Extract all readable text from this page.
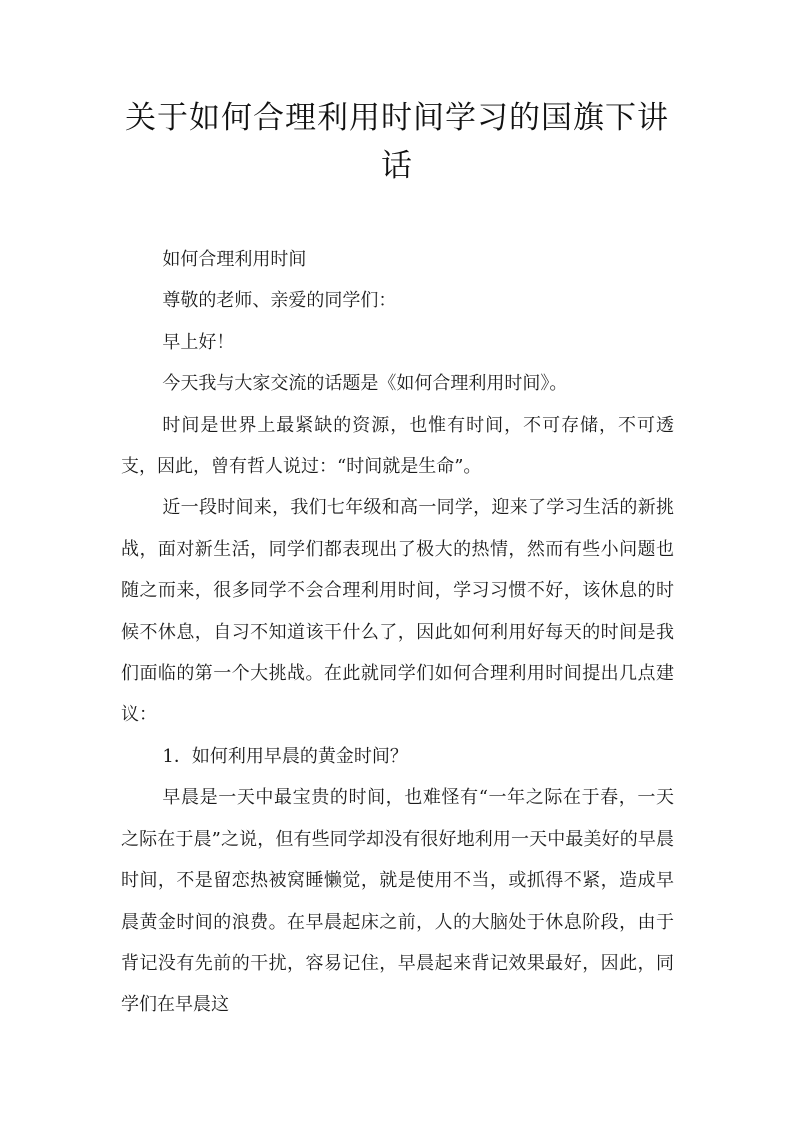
关于如何合理利用时间学习的国旗下讲话

如何合理利用时间

尊敬的老师、亲爱的同学们：

早上好！

今天我与大家交流的话题是《如何合理利用时间》。

时间是世界上最紧缺的资源，也惟有时间，不可存储，不可透支，因此，曾有哲人说过：“时间就是生命”。

近一段时间来，我们七年级和高一同学，迎来了学习生活的新挑战，面对新生活，同学们都表现出了极大的热情，然而有些小问题也随之而来，很多同学不会合理利用时间，学习习惯不好，该休息的时候不休息，自习不知道该干什么了，因此如何利用好每天的时间是我们面临的第一个大挑战。在此就同学们如何合理利用时间提出几点建议：

1．如何利用早晨的黄金时间？

早晨是一天中最宝贵的时间，也难怪有“一年之际在于春，一天之际在于晨”之说，但有些同学却没有很好地利用一天中最美好的早晨时间，不是留恋热被窝睡懒觉，就是使用不当，或抓得不紧，造成早晨黄金时间的浪费。在早晨起床之前，人的大脑处于休息阶段，由于背记没有先前的干扰，容易记住，早晨起来背记效果最好，因此，同学们在早晨这
